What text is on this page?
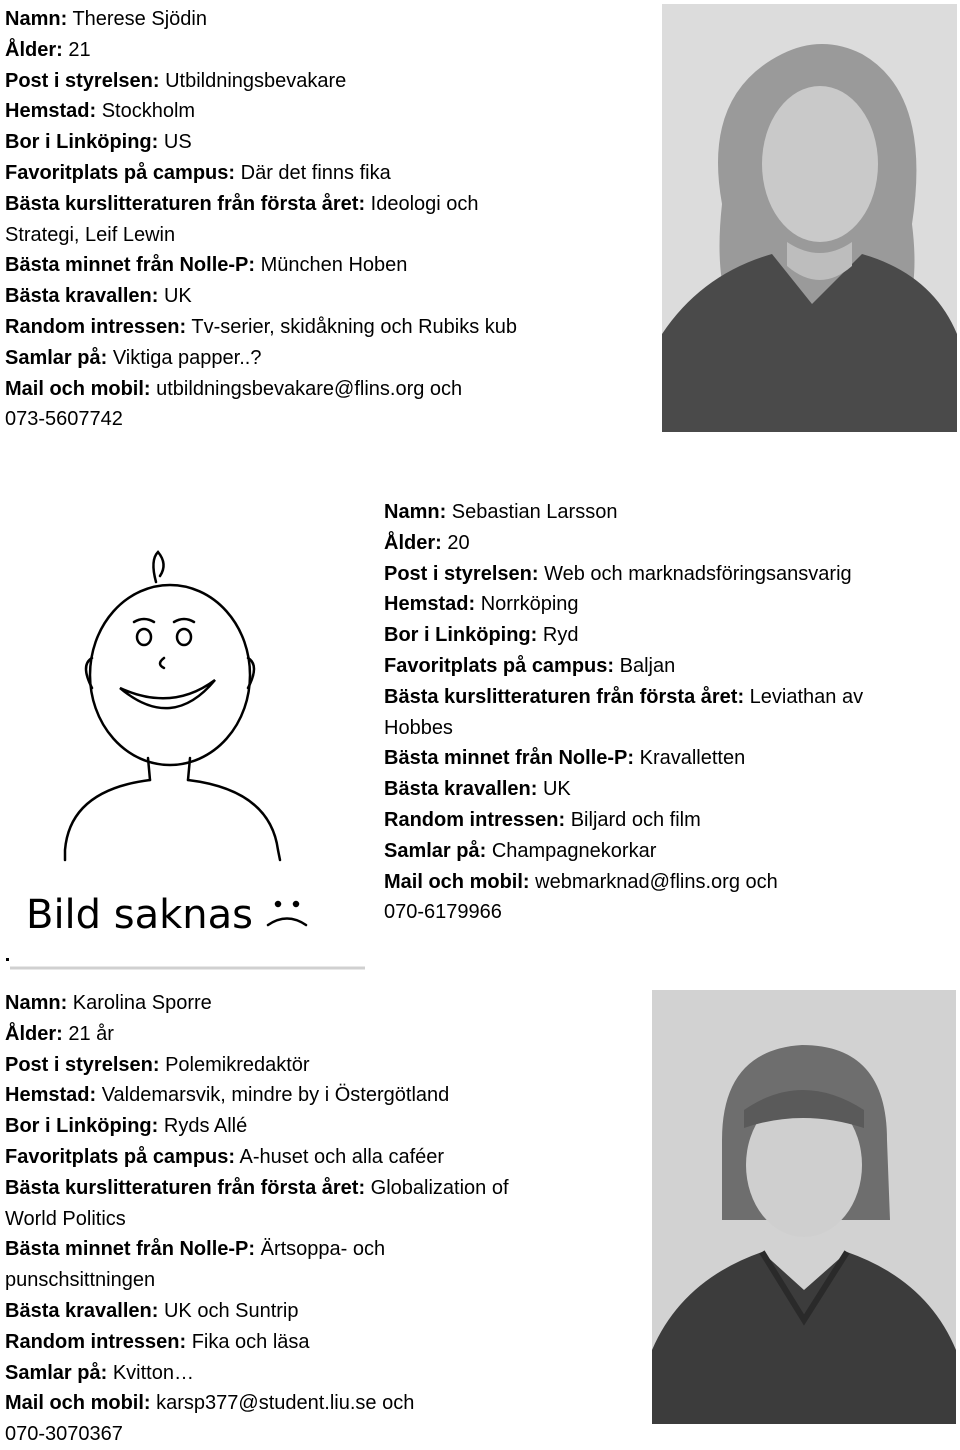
Namn: Therese Sjödin
Ålder: 21
Post i styrelsen: Utbildningsbevakare
Hemstad: Stockholm
Bor i Linköping: US
Favoritplats på campus: Där det finns fika
Bästa kurslitteraturen från första året: Ideologi och
Strategi, Leif Lewin
Bästa minnet från Nolle-P: München Hoben
Bästa kravallen: UK
Random intressen: Tv-serier, skidåkning och Rubiks kub
Samlar på: Viktiga papper..?
Mail och mobil: utbildningsbevakare@flins.org och
073-5607742
Bild saknas
Namn: Sebastian Larsson
Ålder: 20
Post i styrelsen: Web och marknadsföringsansvarig
Hemstad: Norrköping
Bor i Linköping: Ryd
Favoritplats på campus: Baljan
Bästa kurslitteraturen från första året: Leviathan av
Hobbes
Bästa minnet från Nolle-P: Kravalletten
Bästa kravallen: UK
Random intressen: Biljard och film
Samlar på: Champagnekorkar
Mail och mobil: webmarknad@flins.org och
070-6179966
Namn: Karolina Sporre
Ålder: 21 år
Post i styrelsen: Polemikredaktör
Hemstad: Valdemarsvik, mindre by i Östergötland
Bor i Linköping: Ryds Allé
Favoritplats på campus: A-huset och alla caféer
Bästa kurslitteraturen från första året: Globalization of
World Politics
Bästa minnet från Nolle-P: Ärtsoppa- och
punschsittningen
Bästa kravallen: UK och Suntrip
Random intressen: Fika och läsa
Samlar på: Kvitton…
Mail och mobil: karsp377@student.liu.se och
070-3070367
